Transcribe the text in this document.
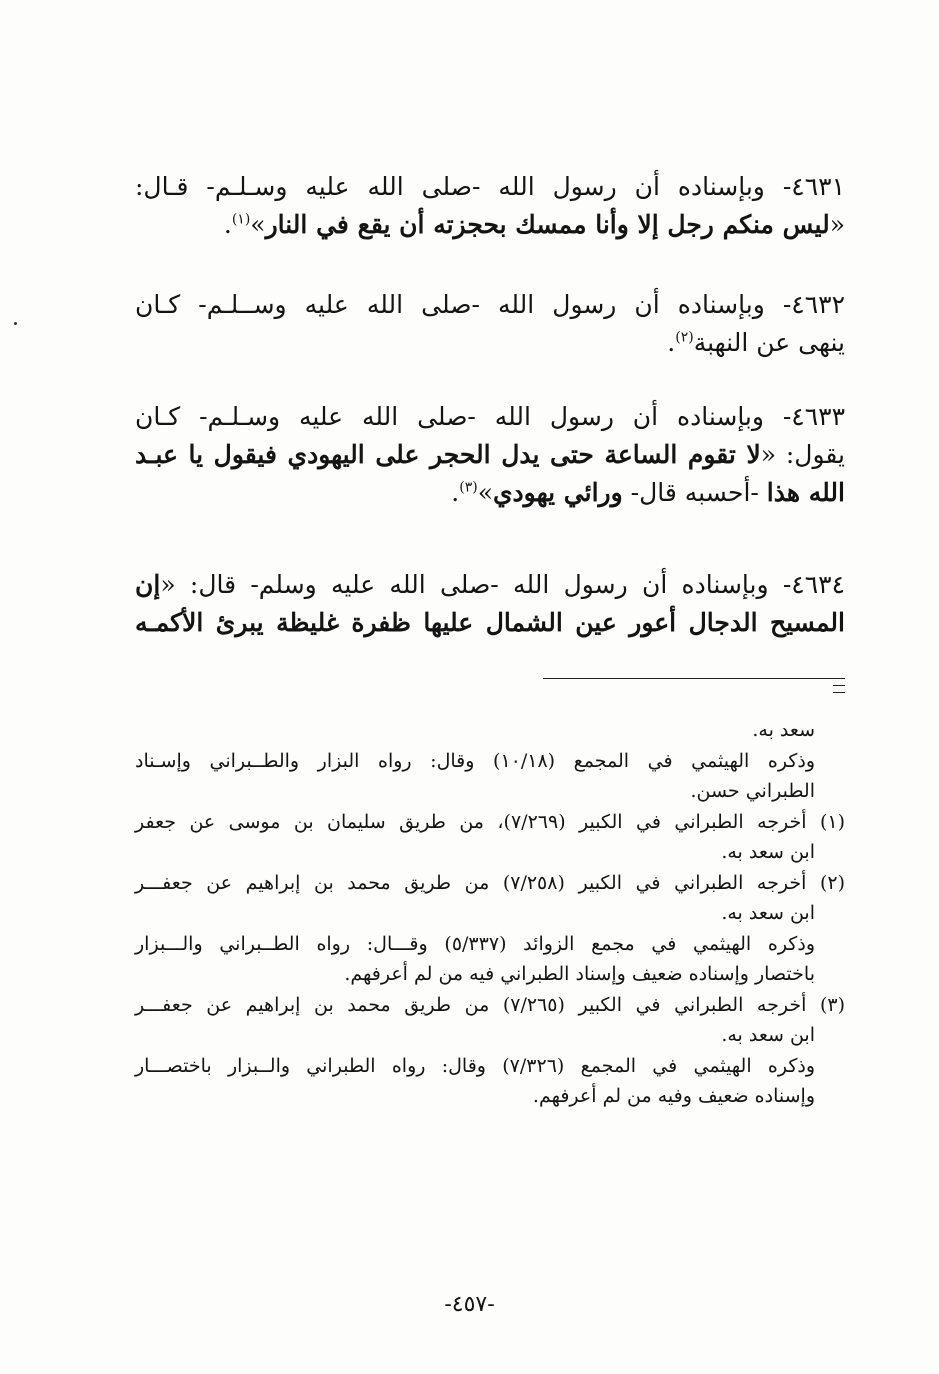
٤٦٣١- وبإسناده أن رسول الله -صلى الله عليه وسـلـم- قـال:
«ليس منكم رجل إلا وأنا ممسك بحجزته أن يقع في النار»$^{(١)}$.
٤٦٣٢- وبإسناده أن رسول الله -صلى الله عليه وســلـم- كـان
ينهى عن النهبة$^{(٢)}$.
٤٦٣٣- وبإسناده أن رسول الله -صلى الله عليه وسـلـم- كـان
يقول: «لا تقوم الساعة حتى يدل الحجر على اليهودي فيقول يا عبـد
الله هذا -أحسبه قال- ورائي يهودي»$^{(٣)}$.
٤٦٣٤- وبإسناده أن رسول الله -صلى الله عليه وسلم- قال: «إن
المسيح الدجال أعور عين الشمال عليها ظفرة غليظة يبرئ الأكمـه
سعد به.
وذكره الهيثمي في المجمع (١٠/١٨) وقال: رواه البزار والطــبراني وإسـناد
الطبراني حسن.
(١) أخرجه الطبراني في الكبير (٧/٢٦٩)، من طريق سليمان بن موسى عن جعفر
ابن سعد به.
(٢) أخرجه الطبراني في الكبير (٧/٢٥٨) من طريق محمد بن إبراهيم عن جعفـــر
ابن سعد به.
وذكره الهيثمي في مجمع الزوائد (٥/٣٣٧) وقـــال: رواه الطــبراني والـــبزار
باختصار وإسناده ضعيف وإسناد الطبراني فيه من لم أعرفهم.
(٣) أخرجه الطبراني في الكبير (٧/٢٦٥) من طريق محمد بن إبراهيم عن جعفـــر
ابن سعد به.
وذكره الهيثمي في المجمع (٧/٣٢٦) وقال: رواه الطبراني والــبزار باختصـــار
وإسناده ضعيف وفيه من لم أعرفهم.
-٤٥٧-
